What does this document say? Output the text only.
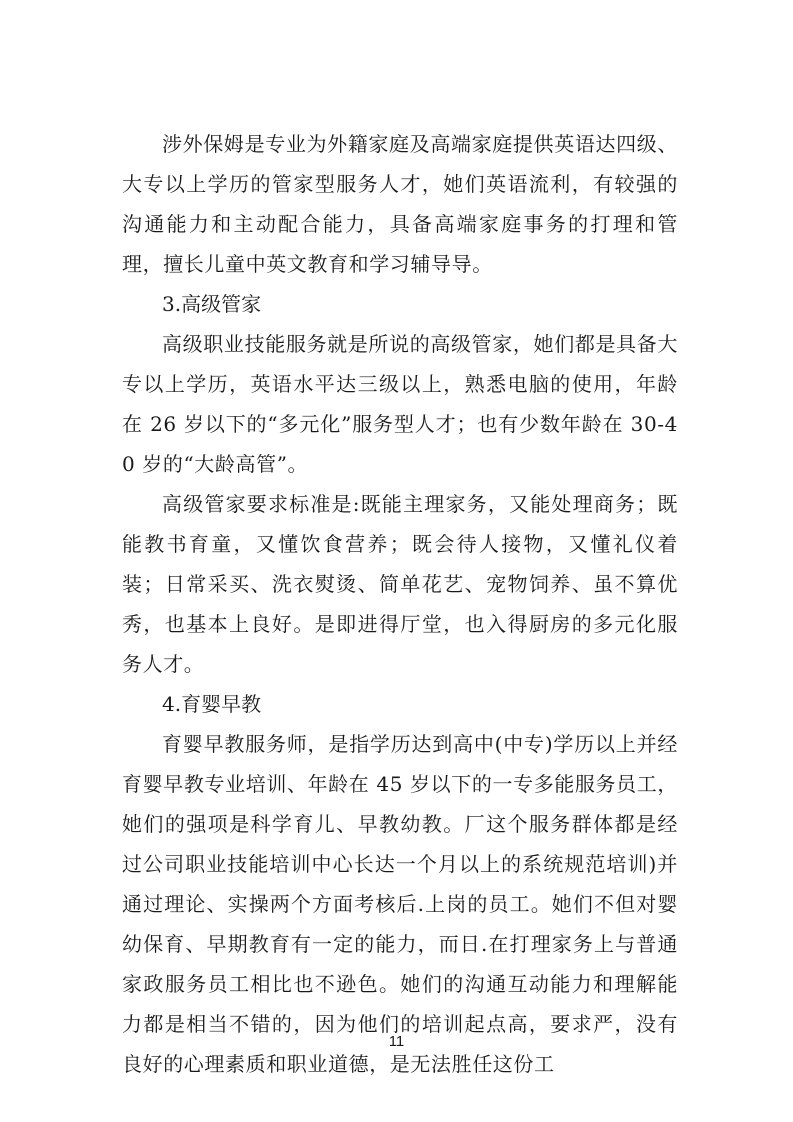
涉外保姆是专业为外籍家庭及高端家庭提供英语达四级、大专以上学历的管家型服务人才，她们英语流利，有较强的沟通能力和主动配合能力，具备高端家庭事务的打理和管理，擅长儿童中英文教育和学习辅导导。

3.高级管家

高级职业技能服务就是所说的高级管家，她们都是具备大专以上学历，英语水平达三级以上，熟悉电脑的使用，年龄在 26 岁以下的“多元化”服务型人才；也有少数年龄在 30-40 岁的“大龄高管”。

高级管家要求标准是:既能主理家务，又能处理商务；既能教书育童，又懂饮食营养；既会待人接物，又懂礼仪着装；日常采买、洗衣熨烫、简单花艺、宠物饲养、虽不算优秀，也基本上良好。是即进得厅堂，也入得厨房的多元化服务人才。

4.育婴早教

育婴早教服务师，是指学历达到高中(中专)学历以上并经育婴早教专业培训、年龄在 45 岁以下的一专多能服务员工，她们的强项是科学育儿、早教幼教。厂这个服务群体都是经过公司职业技能培训中心长达一个月以上的系统规范培训)并通过理论、实操两个方面考核后.上岗的员工。她们不但对婴幼保育、早期教育有一定的能力，而日.在打理家务上与普通家政服务员工相比也不逊色。她们的沟通互动能力和理解能力都是相当不错的，因为他们的培训起点高，要求严，没有良好的心理素质和职业道德，是无法胜任这份工

11
